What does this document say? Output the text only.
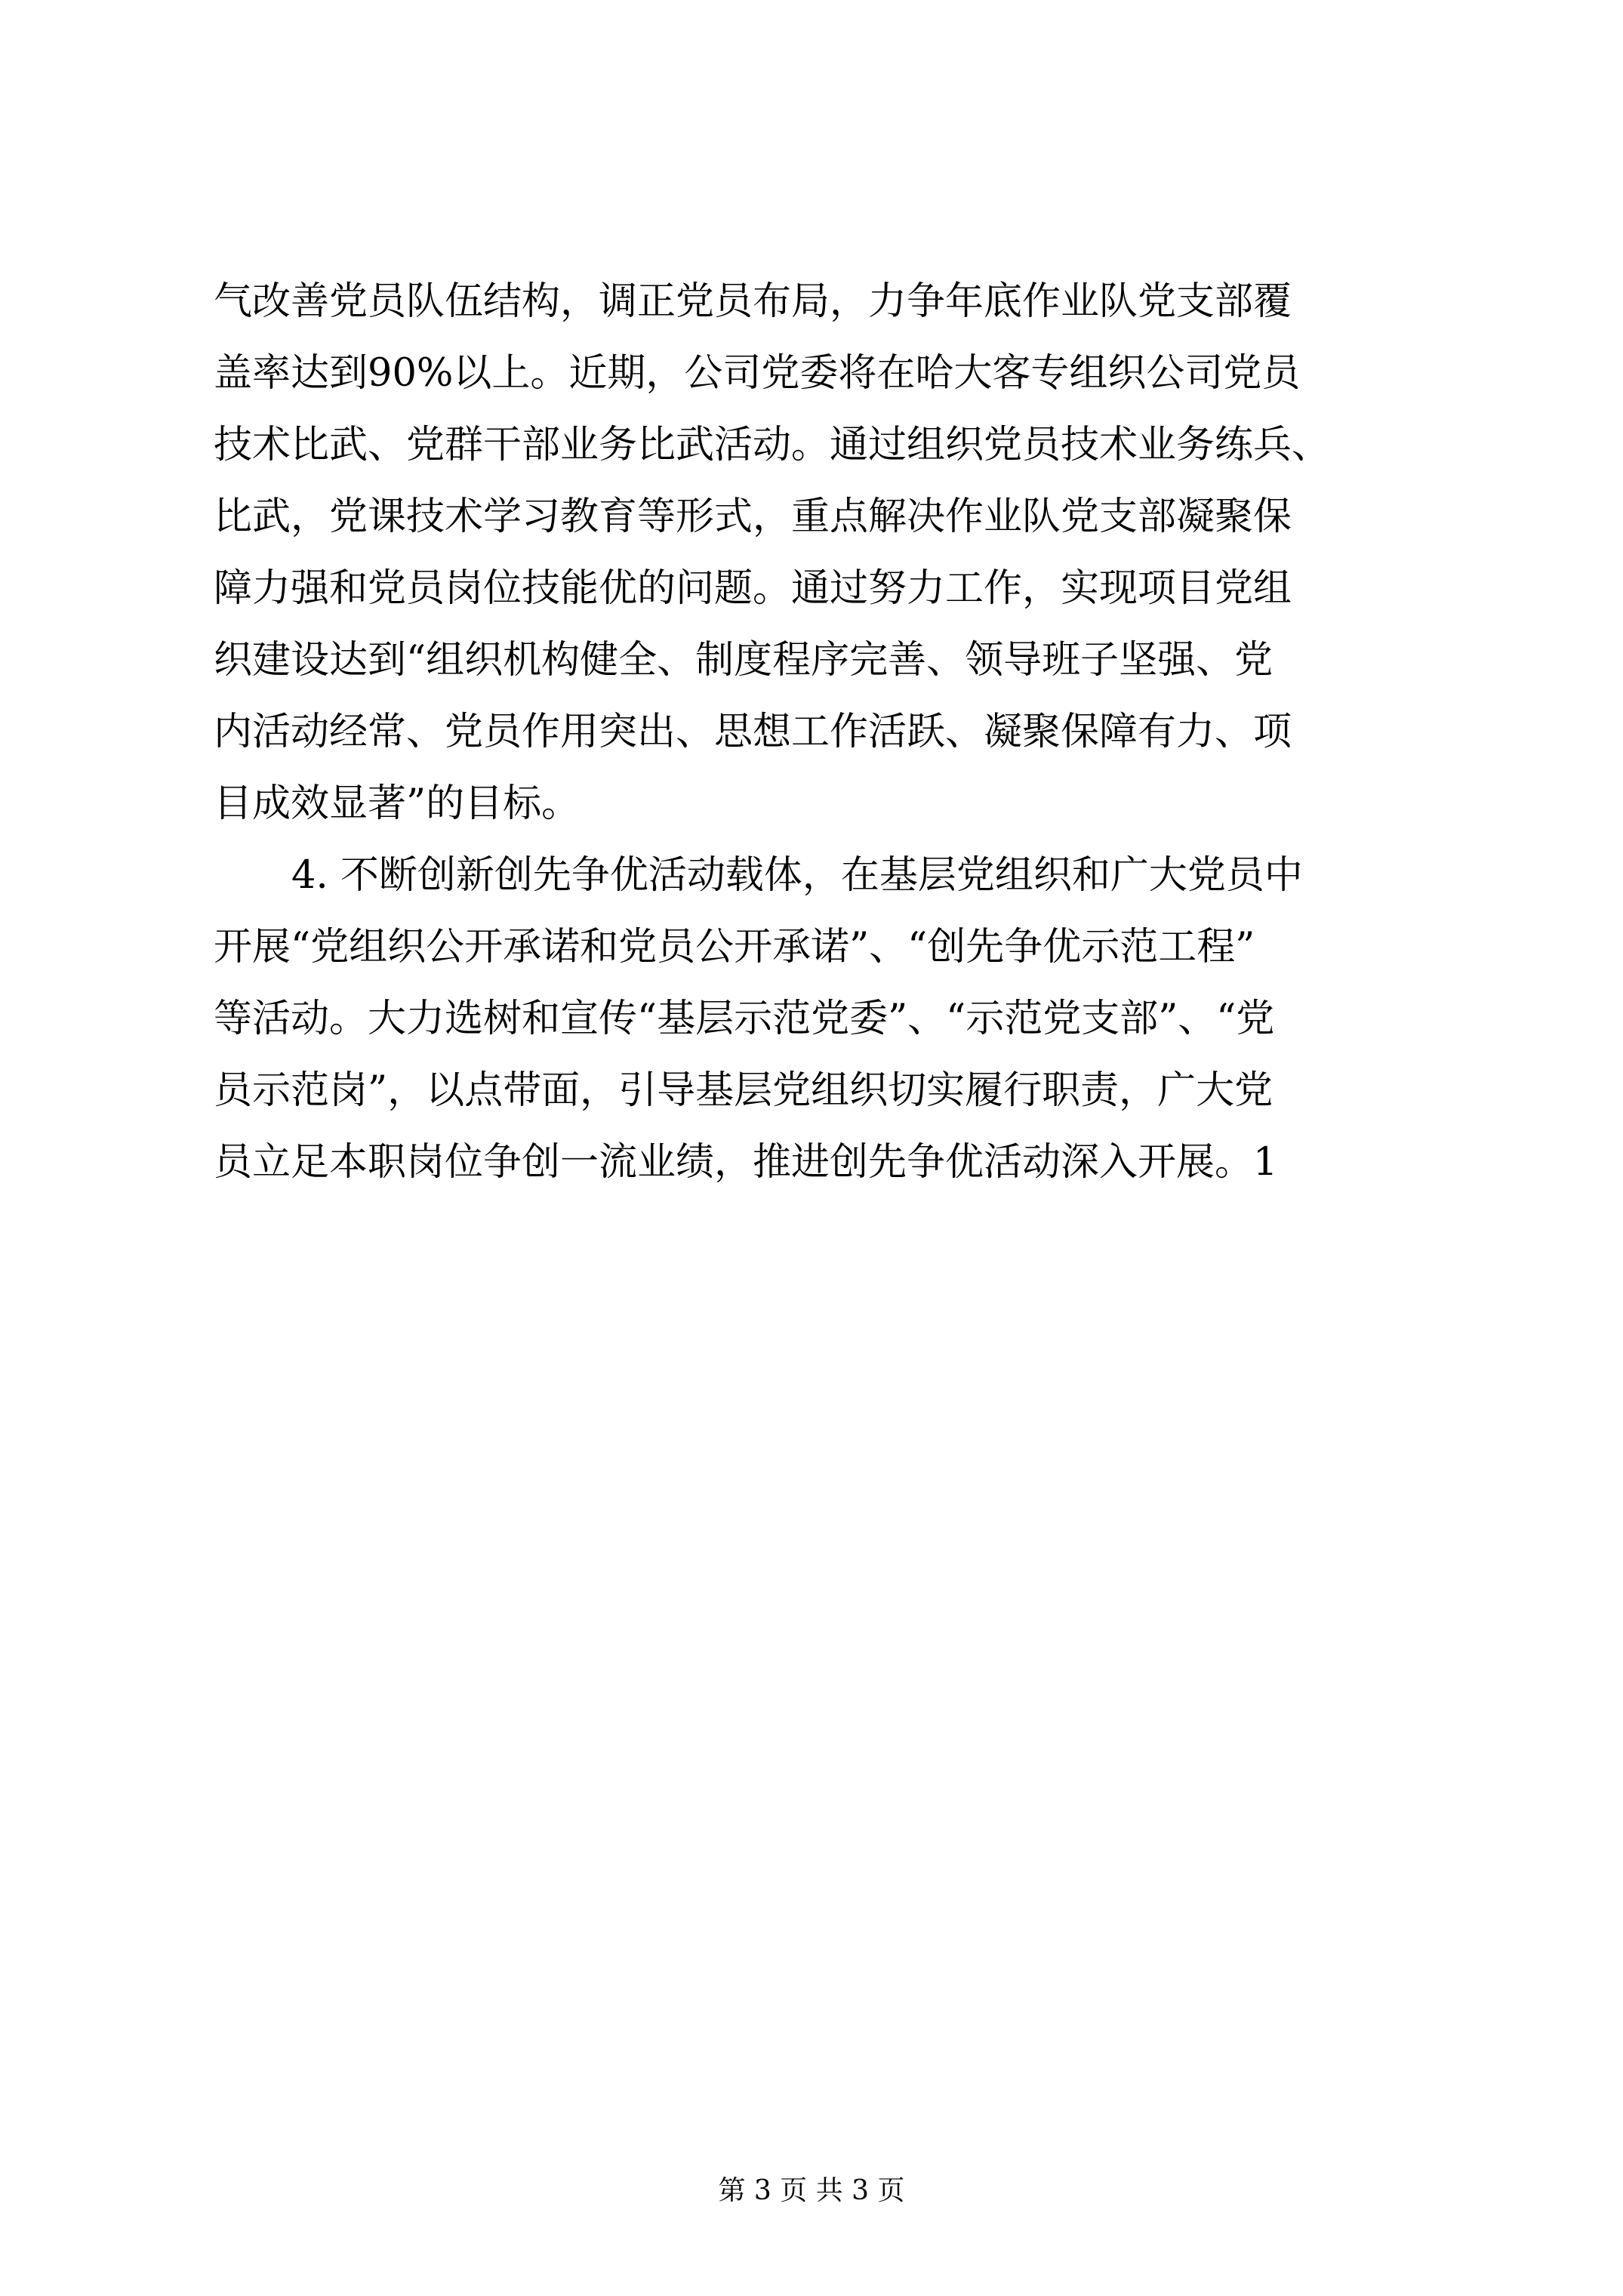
气改善党员队伍结构，调正党员布局，力争年底作业队党支部覆
盖率达到90%以上。近期，公司党委将在哈大客专组织公司党员
技术比武、党群干部业务比武活动。通过组织党员技术业务练兵、
比武，党课技术学习教育等形式，重点解决作业队党支部凝聚保
障力强和党员岗位技能优的问题。通过努力工作，实现项目党组
织建设达到“组织机构健全、制度程序完善、领导班子坚强、党
内活动经常、党员作用突出、思想工作活跃、凝聚保障有力、项
目成效显著”的目标。
4. 不断创新创先争优活动载体，在基层党组织和广大党员中
开展“党组织公开承诺和党员公开承诺”、“创先争优示范工程”
等活动。大力选树和宣传“基层示范党委”、“示范党支部”、“党
员示范岗”，以点带面，引导基层党组织切实履行职责，广大党
员立足本职岗位争创一流业绩，推进创先争优活动深入开展。1
第 3 页 共 3 页
